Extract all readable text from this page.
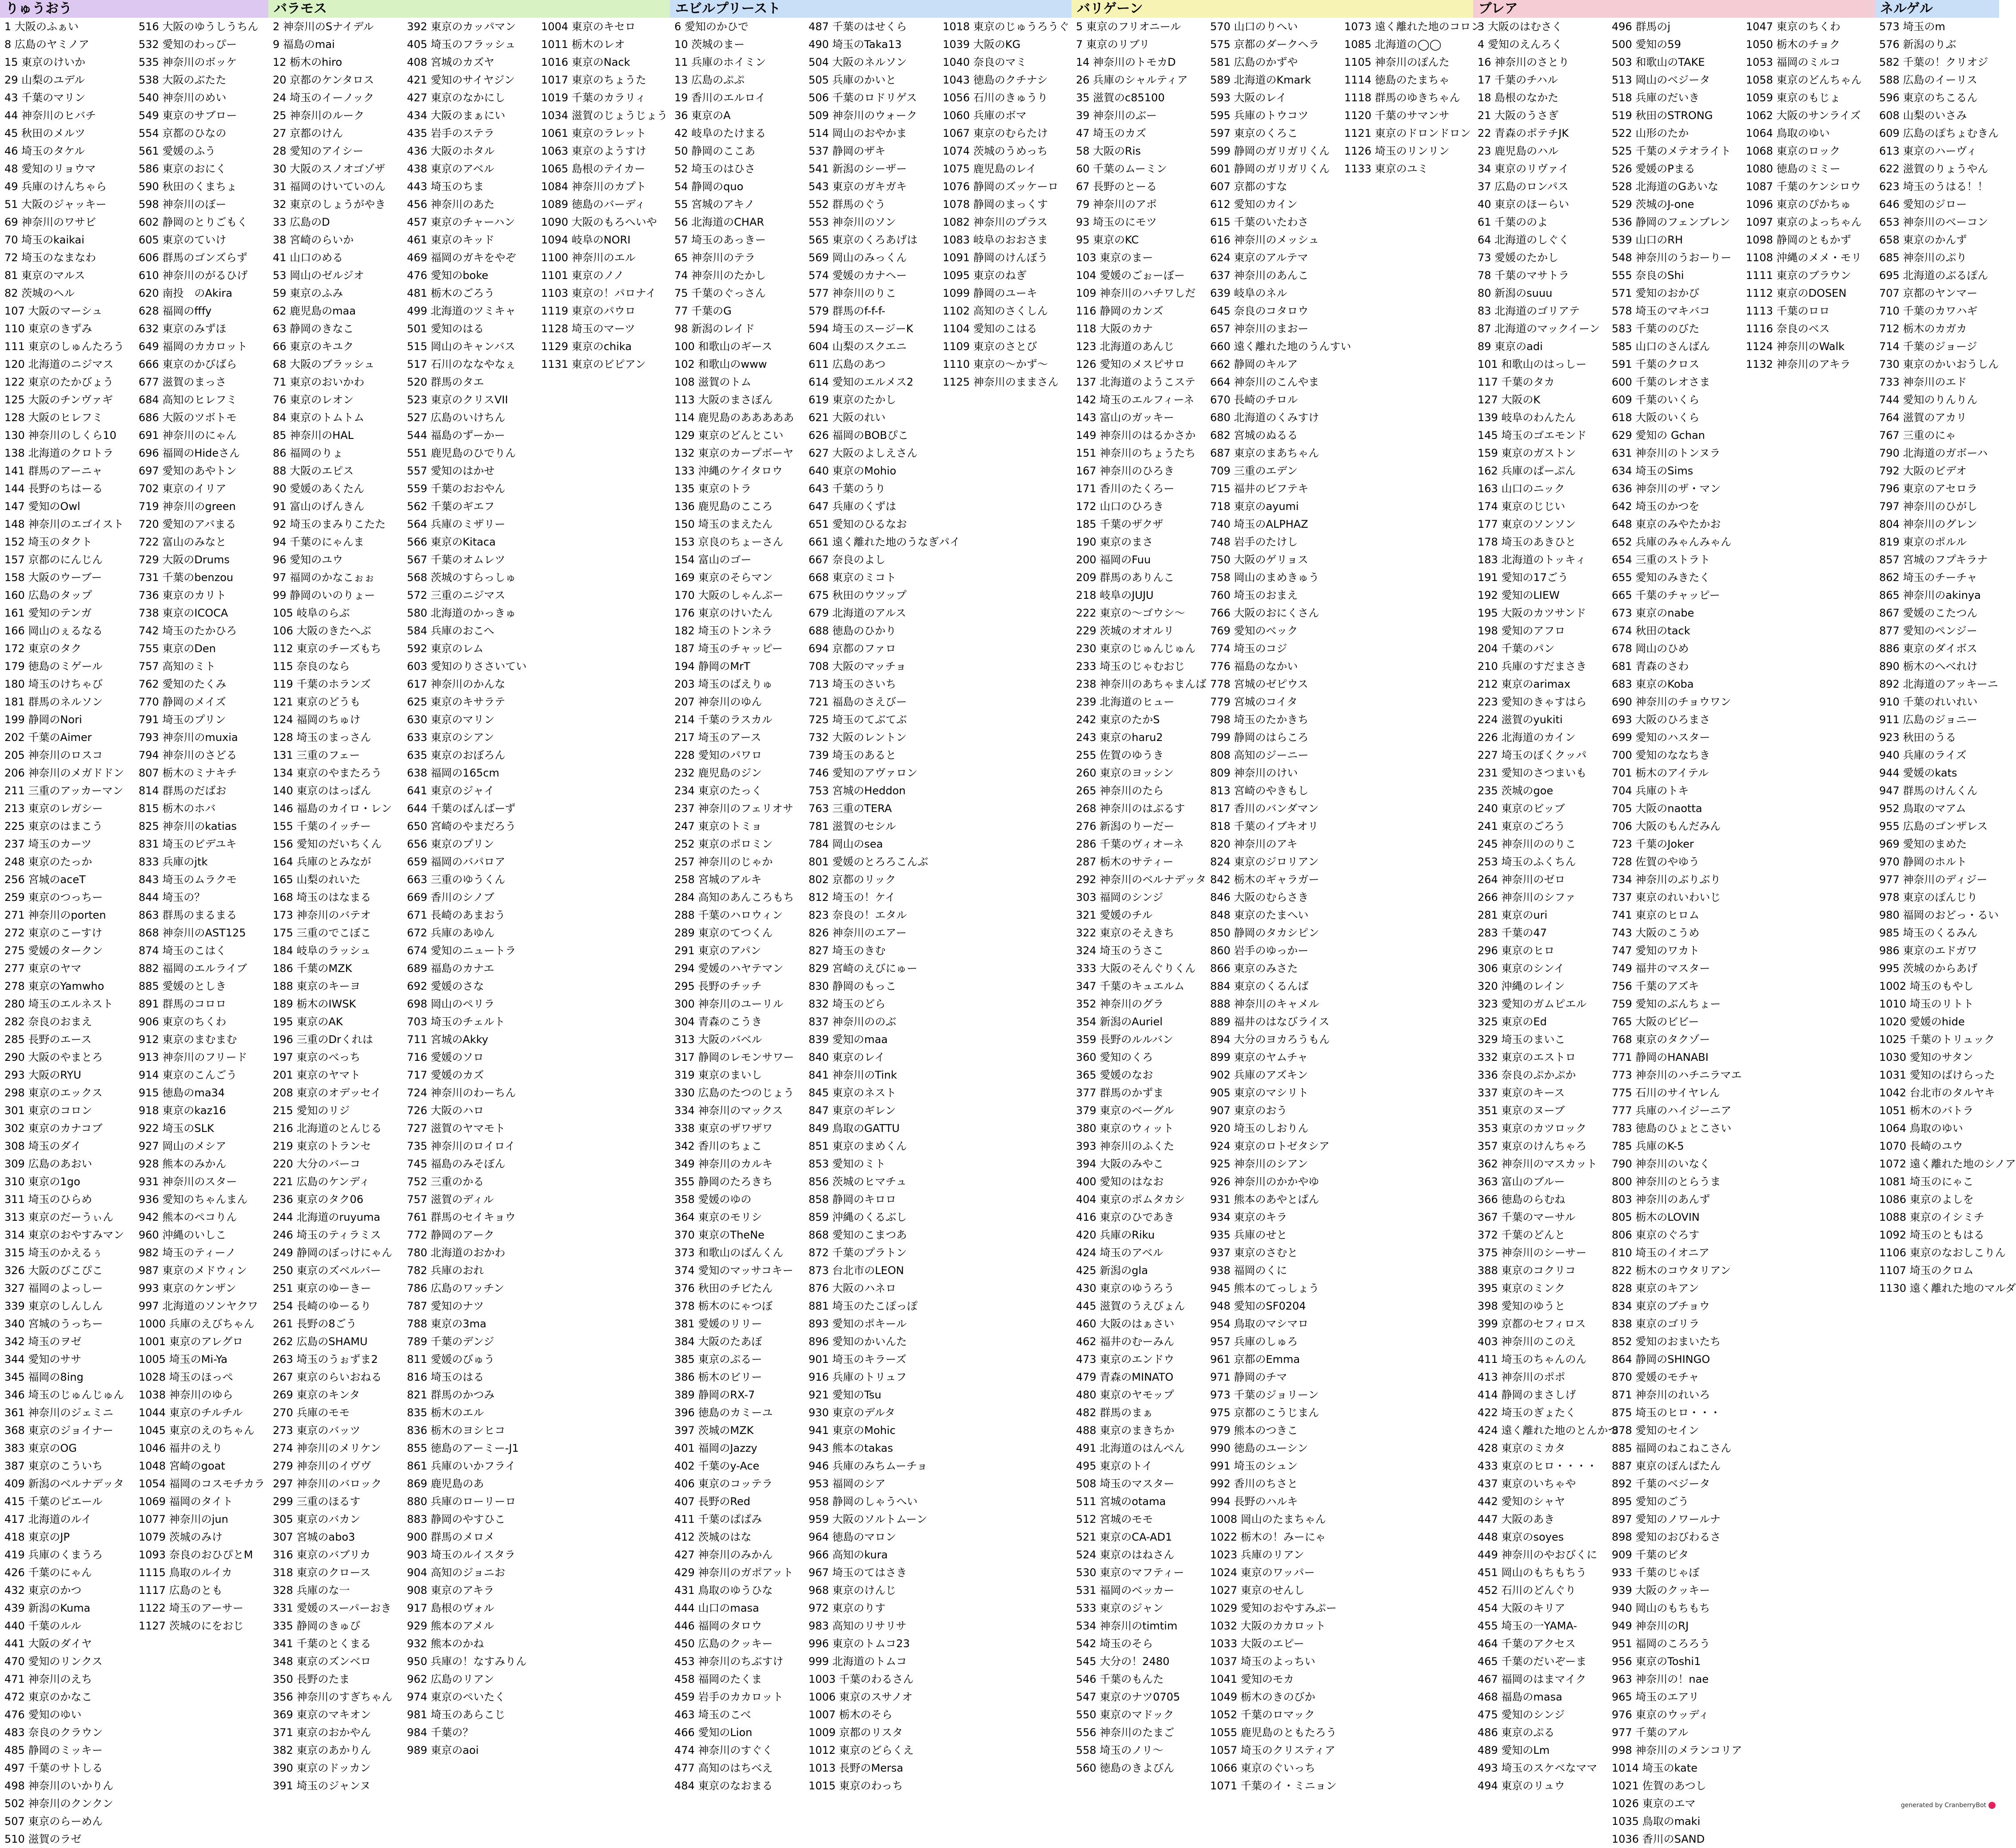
りゅうおう
1 大阪のふぁい
8 広島のヤミノア
15 東京のけいか
29 山梨のユデル
43 千葉のマリン
44 神奈川のヒバチ
45 秋田のメルツ
46 埼玉のタケル
48 愛知のリョウマ
49 兵庫のけんちゃら
51 大阪のジャッキー
69 神奈川のワサビ
70 埼玉のkaikai
72 埼玉のなまなわ
81 東京のマルス
82 茨城のヘル
107 大阪のマーシュ
110 東京のきずみ
111 東京のしゅんたろう
120 北海道のニジマス
122 東京のたかびょう
125 大阪のチンヴァギ
128 大阪のヒレフミ
130 神奈川のしくら10
138 北海道のクロトラ
141 群馬のアーニャ
144 長野のちはーる
147 愛知のOwl
148 神奈川のエゴイスト
152 埼玉のタクト
157 京都のにんじん
158 大阪のウーブー
160 広島のタップ
161 愛知のテンガ
166 岡山のぇるなる
172 東京のタク
179 徳島のミゲール
180 埼玉のけちゃび
181 群馬のネルソン
199 静岡のNori
202 千葉のAimer
205 神奈川のロスコ
206 神奈川のメガドドン
211 三重のアッカーマン
213 東京のレガシー
225 東京のはまこう
237 埼玉のカーツ
248 東京のたっか
256 宮城のaceT
259 東京のつっちー
271 神奈川のporten
272 東京のこーすけ
275 愛媛のタークン
277 東京のヤマ
278 東京のYamwho
280 埼玉のエルネスト
282 奈良のおまえ
285 長野のエース
290 大阪のやまとろ
293 大阪のRYU
298 東京のエックス
301 東京のコロン
302 東京のカナコブ
308 埼玉のダイ
309 広島のあおい
310 東京の1go
311 埼玉のひらめ
313 東京のだーうぃん
314 東京のおやすみマン
315 埼玉のかえるぅ
326 大阪のびこぴこ
327 福岡のよっしー
339 東京のしんしん
340 宮城のうっちー
342 埼玉のヲゼ
344 愛知のササ
345 福岡の8ing
346 埼玉のじゅんじゅん
361 神奈川のジェミニ
368 東京のジョイナー
383 東京のOG
387 東京のこういち
409 新潟のベルナデッタ
415 千葉のピエール
417 北海道のルイ
418 東京のJP
419 兵庫のくまうろ
426 千葉のにゃん
432 東京のかつ
439 新潟のKuma
440 千葉のルル
441 大阪のダイヤ
470 愛知のリンクス
471 神奈川のえち
472 東京のかなこ
476 愛知のゆい
483 奈良のクラウン
485 静岡のミッキー
497 千葉のサトしる
498 神奈川のいかりん
502 神奈川のクンクン
507 東京のらーめん
510 滋賀のラゼ
516 大阪のゆうしうちん
532 愛知のわっぴー
535 神奈川のボッケ
538 大阪のぶたた
540 神奈川のめい
549 東京のサブロー
554 京都のひなの
561 愛媛のふう
586 東京のおにく
590 秋田のくまちょ
598 神奈川のぼー
602 静岡のとりごもく
605 東京のていけ
606 群馬のゴンズらず
610 神奈川のがるひげ
620 南投　のAkira
628 福岡のfffy
632 東京のみずほ
649 福岡のカカロット
666 東京のかびばら
677 滋賀のまっさ
684 高知のヒレフミ
686 大阪のツボトモ
691 神奈川のにゃん
696 福岡のHideさん
697 愛知のあやトン
702 東京のイリア
719 神奈川のgreen
720 愛知のアバまる
722 富山のみなと
729 大阪のDrums
731 千葉のbenzou
736 東京のカリト
738 東京のICOCA
742 埼玉のたかひろ
755 東京のDen
757 高知のミト
762 愛知のたくみ
770 静岡のメイズ
791 埼玉のプリン
793 神奈川のmuxia
794 神奈川のさどる
807 栃木のミナキチ
814 群馬のだばお
815 栃木のホバ
825 神奈川のkatias
831 埼玉のビデユキ
833 兵庫のjtk
843 埼玉のムラクモ
844 埼玉の？
863 群馬のまるまる
868 神奈川のAST125
874 埼玉のこはく
882 福岡のエルライブ
885 愛媛のとしき
891 群馬のコロロ
906 東京のちくわ
912 東京のまむまむ
913 神奈川のフリード
914 東京のこんごう
915 徳島のma34
918 東京のkaz16
922 埼玉のSLK
927 岡山のメシア
928 熊本のみかん
931 神奈川のスター
936 愛知のちゃんまん
942 熊本のペコりん
960 沖縄のいしこ
982 埼玉のティーノ
987 東京のメドウィン
993 東京のケンザン
997 北海道のソンヤクワ
1000 兵庫のえびちゃん
1001 東京のアレグロ
1005 埼玉のMi-Ya
1028 埼玉のほっぺ
1038 神奈川のゆら
1044 東京のチルチル
1045 東京のえのちゃん
1046 福井のえり
1048 宮崎のgoat
1054 福岡のコスモチカラ
1069 福岡のタイト
1077 神奈川のjun
1079 茨城のみけ
1093 奈良のおひぴとM
1115 鳥取のルイカ
1117 広島のとも
1122 埼玉のアーサー
1127 茨城のにをおじ
バラモス
2 神奈川のSナイデル
9 福島のmai
12 栃木のhiro
20 京都のケンタロス
24 埼玉のイーノック
25 神奈川のルーク
27 京都のけん
28 愛知のアイシー
30 大阪のスノオゴゾザ
31 福岡のけいていのん
32 東京のしょうがやき
33 広島のD
38 宮崎のらいか
41 山口のめる
53 岡山のゼルジオ
59 東京のふみ
62 鹿児島のmaa
63 静岡のきなこ
66 東京のキユク
68 大阪のブラッシュ
71 東京のおいかわ
76 東京のレオン
84 東京のトムトム
85 神奈川のHAL
86 福岡のりょ
88 大阪のエピス
90 愛媛のあくたん
91 富山のげんきん
92 埼玉のまみりこたた
94 千葉のにゃんま
96 愛知のユウ
97 福岡のかなこぉぉ
99 静岡のいのりょー
105 岐阜のらぶ
106 大阪のきたへぶ
112 東京のチーズもち
115 奈良のなら
119 千葉のホランズ
121 東京のどうも
124 福岡のちゅけ
128 埼玉のまっさん
131 三重のフェー
134 東京のやまたろう
140 東京のはっぱん
146 福島のカイロ・レン
155 千葉のイッチー
156 愛知のだいちくん
164 兵庫のとみなが
165 山梨のれいた
168 埼玉のはなまる
173 神奈川のバテオ
175 三重のでこぼこ
184 岐阜のラッシュ
186 千葉のMZK
188 東京のキーヨ
189 栃木のIWSK
195 東京のAK
196 三重のDrくれは
197 東京のべっち
201 東京のヤマト
208 東京のオデッセイ
215 愛知のリジ
216 北海道のとんじる
219 東京のトランセ
220 大分のバーコ
221 広島のケンディ
236 東京のタク06
244 北海道のruyuma
246 埼玉のティラミス
249 静岡のぼっけにゃん
250 東京のズベルバー
251 東京のゆーきー
254 長崎のゆーるり
261 長野の8ごう
262 広島のSHAMU
263 埼玉のうぉずま2
267 東京のらいおねる
269 東京のキンタ
270 兵庫のモモ
273 東京のバッツ
274 神奈川のメリケン
279 神奈川のイヴヴ
297 神奈川のバロック
299 三重のほるす
305 東京のバカン
307 宮城のabo3
316 東京のバブリカ
318 東京のクロース
328 兵庫のな一
331 愛媛のスーパーおき
335 静岡のきゅび
341 千葉のとくまる
348 東京のズンベロ
350 長野のたま
356 神奈川のすぎちゃん
369 東京のマキオン
371 東京のおかやん
382 東京のあかりん
390 東京のドッカン
391 埼玉のジャンヌ
392 東京のカッパマン
405 埼玉のフラッシュ
408 宮城のカズヤ
421 愛知のサイヤジン
427 東京のなかにし
434 大阪のまぁにい
435 岩手のステラ
436 大阪のホタル
438 東京のアベル
443 埼玉のちま
456 神奈川のあた
457 東京のチャーハン
461 東京のキッド
469 福岡のガキをやぞ
476 愛知のboke
481 栃木のごろう
499 北海道のツミキャ
501 愛知のはる
515 岡山のキャンバス
517 石川のななやなぇ
520 群馬のタエ
523 東京のクリスVII
527 広島のいけちん
544 福島のずーかー
551 鹿児島のひでりん
557 愛知のはかせ
559 千葉のおおやん
562 千葉のギエフ
564 兵庫のミザリー
566 東京のKitaca
567 千葉のオムレツ
568 茨城のすらっしゅ
572 三重のニジマス
580 北海道のかっきゅ
584 兵庫のおこへ
592 東京のレム
603 愛知のりささいてい
617 神奈川のかんな
625 東京のキサラテ
630 東京のマリン
633 東京のシアン
635 東京のおぼろん
638 福岡の165cm
641 東京のジャイ
644 千葉のばんばーず
650 宮崎のやまだろう
656 東京のプリン
659 福岡のバパロア
663 三重のゆうくん
669 香川のシノブ
671 長崎のあまおう
672 兵庫のあゆん
674 愛知のニュートラ
689 福島のカナエ
692 愛媛のさな
698 岡山のペリラ
703 埼玉のチェルト
711 宮城のAkky
716 愛媛のソロ
717 愛媛のカズ
724 神奈川のわーちん
726 大阪のハロ
727 滋賀のヤマモト
735 神奈川のロイロイ
745 福島のみそぼん
752 三重のかる
757 滋賀のディル
761 群馬のセイキョウ
772 静岡のアーク
780 北海道のおかわ
782 兵庫のおれ
786 広島のワッチン
787 愛知のナツ
788 東京の3ma
789 千葉のデンジ
811 愛媛のびゅう
816 埼玉のはる
821 群馬のかつみ
835 栃木のエル
836 栃木のヨシヒコ
855 徳島のアーミー-J1
861 兵庫のいかフライ
869 鹿児島のあ
880 兵庫のローリーロ
883 静岡のやすひこ
900 群馬のメロメ
903 埼玉のルイスタラ
904 高知のジョニお
908 東京のアキラ
917 島根のヴォル
929 熊本のアメル
932 熊本のかね
950 兵庫の！なすみりん
962 広島のリアン
974 東京のペいたく
981 埼玉のあらこじ
984 千葉の？
989 東京のaoi
1004 東京のキセロ
1011 栃木のレオ
1016 東京のNack
1017 東京のちょうた
1019 千葉のカラリィ
1034 滋賀のじょうじょう
1061 東京のラレット
1063 東京のようすけ
1065 島根のテイカー
1084 神奈川のカプト
1089 徳島のバーディ
1090 大阪のもろへいや
1094 岐阜のNORI
1100 神奈川のエル
1101 東京のノノ
1103 東京の！パロナイ
1119 東京のパウロ
1128 埼玉のマーツ
1129 東京のchika
1131 東京のビピアン
エビルプリースト
6 愛知のかひで
10 茨城のまー
11 兵庫のホイミン
13 広島のぷぷ
19 香川のエルロイ
36 東京のA
42 岐阜のたけまる
50 静岡のここあ
52 埼玉のはひさ
54 静岡のquo
55 宮城のアキノ
56 北海道のCHAR
57 埼玉のあっきー
65 神奈川のテラ
74 神奈川のたかし
75 千葉のぐっさん
77 千葉のG
98 新潟のレイド
100 和歌山のギース
102 和歌山のwww
108 滋賀のトム
113 大阪のまさぼん
114 鹿児島のあああああ
129 東京のどんとこい
132 東京のカープボーヤ
133 沖縄のケイタロウ
135 東京のトラ
136 鹿児島のこころ
150 埼玉のまえたん
153 京良のちょーさん
154 富山のゴー
169 東京のそらマン
170 大阪のしゃんぷー
176 東京のけいたん
182 埼玉のトンネラ
187 埼玉のチャッピー
194 静岡のMrT
203 埼玉のばえりゅ
207 神奈川のゆん
214 千葉のラスカル
217 埼玉のアース
228 愛知のパワロ
232 鹿児島のジン
234 東京のたっく
237 神奈川のフェリオサ
247 東京のトミョ
252 東京のポロミン
257 神奈川のじゃか
258 宮城のアルキ
284 高知のあんころもち
288 千葉のハロウィン
289 東京のてつくん
291 東京のアパン
294 愛媛のハヤテマン
295 長野のチッチ
300 神奈川のユーリル
304 青森のこうき
313 大阪のバベル
317 静岡のレモンサワー
319 東京のまいし
330 広島のたつのじょう
334 神奈川のマックス
338 東京のザワザワ
342 香川のちょこ
349 神奈川のカルキ
355 静岡のたろきち
358 愛媛のゆの
364 東京のモリシ
370 東京のTheNe
373 和歌山のばんくん
374 愛知のマッサコキー
376 秋田のチビたん
378 栃木のにゃつぼ
381 愛媛のリリー
384 大阪のたあぼ
385 東京のぷるー
386 栃木のビリー
389 静岡のRX-7
396 徳島のカミーユ
397 茨城のMZK
401 福岡のJazzy
402 千葉のy-Ace
406 東京のコッテラ
407 長野のRed
411 千葉のぱぱみ
412 茨城のはな
427 神奈川のみかん
429 神奈川のガポアット
431 鳥取のゆうひな
444 山口のmasa
446 福岡のタロウ
450 広島のクッキー
453 神奈川のちぶすけ
458 福岡のたくま
459 岩手のカカロット
463 埼玉のこべ
466 愛知のLion
474 神奈川のすぐく
477 高知のはちべえ
484 東京のなおまる
487 千葉のはせくら
490 埼玉のTaka13
504 大阪のネルソン
505 兵庫のかいと
506 千葉のロドリゲス
509 神奈川のウォーク
514 岡山のおやかま
537 静岡のザキ
541 新潟のシーザー
543 東京のガキガキ
552 群馬のぐう
553 神奈川のソン
565 東京のくろあげは
569 岡山のみっくん
574 愛媛のカナヘー
577 神奈川のりこ
579 群馬のf-f-f-
594 埼玉のスージーK
604 山梨のスクエニ
611 広島のあつ
614 愛知のエルメス2
619 東京のたかし
621 大阪のれい
626 福岡のBOBぴこ
627 大阪のよしえさん
640 東京のMohio
643 千葉のうり
647 兵庫のくずは
651 愛知のひるなお
661 遠く離れた地のうなぎパイ
667 奈良のよし
668 東京のミコト
675 秋田のウツップ
679 北海道のアルス
688 徳島のひかり
694 京都のファロ
708 大阪のマッチョ
713 埼玉のさいち
721 福島のさえびー
725 埼玉のてぶてぶ
732 大阪のレントン
739 埼玉のあると
746 愛知のアヴァロン
753 宮城のHeddon
763 三重のTERA
781 滋賀のセシル
784 岡山のsea
801 愛媛のとろろこんぶ
802 京都のリック
812 埼玉の！ケイ
823 奈良の！エタル
826 神奈川のエアー
827 埼玉のきむ
829 宮崎のえびにゅー
830 静岡のもっこ
832 埼玉のどら
837 神奈川ののぶ
839 愛知のmaa
840 東京のレイ
841 神奈川のTink
845 東京のネスト
847 東京のギレン
849 鳥取のGATTU
851 東京のまめくん
853 愛知のミト
856 茨城のヒマチュ
858 静岡のキロロ
859 沖縄のくるぶし
868 愛知のこまつあ
872 千葉のプラトン
873 台北市のLEON
876 大阪のハネロ
881 埼玉のたこぽっぽ
893 愛知のポキール
896 愛知のかいんた
901 埼玉のキラーズ
916 兵庫のトリュフ
921 愛知のTsu
930 東京のデルタ
941 東京のMohic
943 熊本のtakas
946 兵庫のみちムーチョ
953 福岡のシア
958 静岡のしゃうへい
959 大阪のソルトムーン
964 徳島のマロン
966 高知のkura
967 埼玉のてはさき
968 東京のけんじ
972 東京のりす
983 高知のリサリサ
996 東京のトムコ23
999 北海道のトムコ
1003 千葉のわるさん
1006 東京のスサノオ
1007 栃木のそら
1009 京都のリスタ
1012 東京のどらくえ
1013 長野のMersa
1015 東京のわっち
1018 東京のじゅうろうぐ
1039 大阪のKG
1040 奈良のマミ
1043 徳島のクチナシ
1056 石川のきゅうり
1060 兵庫のボマ
1067 東京のむらたけ
1074 茨城のうめっち
1075 鹿児島のレイ
1076 静岡のズッケーロ
1078 静岡のまっくす
1082 神奈川のプラス
1083 岐阜のおおさま
1091 静岡のけんぼう
1095 東京のねぎ
1099 静岡のユーキ
1102 高知のさくしん
1104 愛知のこはる
1109 東京のさとび
1110 東京の～かず～
1125 神奈川のままさん
バリゲーン
5 東京のフリオニール
7 東京のリブリ
14 神奈川のトモカD
26 兵庫のシャルティア
35 滋賀のc85100
39 神奈川のぶー
47 埼玉のカズ
58 大阪のRis
60 千葉のムーミン
67 長野のとーる
79 神奈川のアポ
93 埼玉のにモツ
95 東京のKC
103 東京のまー
104 愛媛のごぉーぼー
109 神奈川のハチワしだ
116 静岡のカンズ
118 大阪のカナ
123 北海道のあんじ
126 愛知のメスピサロ
137 北海道のようこステ
142 埼玉のエルフィーネ
143 富山のガッキー
149 神奈川のはるかさか
151 神奈川のちょうたち
167 神奈川のひろき
171 香川のたくろー
172 山口のひろき
185 千葉のザクザ
190 東京のまさ
200 福岡のFuu
209 群馬のありんこ
218 岐阜のJUJU
222 東京の～ゴウシ～
229 茨城のオオルリ
230 東京のじゅんじゅん
233 埼玉のじゃむおじ
238 神奈川のあちゃまんば
239 北海道のヒュー
242 東京のたかS
243 東京のharu2
255 佐賀のゆうき
260 東京のヨッシン
265 神奈川のたら
268 神奈川のはぶるす
276 新潟のりーだー
286 千葉のヴィオーネ
287 栃木のサティー
292 神奈川のベルナデッタ
303 福岡のシンジ
321 愛媛のチル
322 東京のそえきち
324 埼玉のうさこ
333 大阪のそんぐりくん
347 千葉のキュエルム
352 神奈川のグラ
354 新潟のAuriel
359 長野のルルバン
360 愛知のくろ
365 愛媛のなお
377 群馬のかずま
379 東京のベーグル
380 東京のウィット
393 神奈川のふくた
394 大阪のみやこ
400 愛知のはなお
404 東京のポムタカシ
416 東京のひであき
420 兵庫のRiku
424 埼玉のアベル
425 新潟のgla
430 東京のゆうろう
445 滋賀のうえびょん
460 大阪のはぁさい
462 福井のむーみん
473 東京のエンドウ
479 青森のMINATO
480 東京のヤモップ
482 群馬のまぁ
488 東京のまきちか
491 北海道のはんぺん
495 東京のトイ
508 埼玉のマスター
511 宮城のotama
512 宮城のモモ
521 東京のCA-AD1
524 東京のはねさん
530 東京のマフティー
531 福岡のベッカー
533 東京のジャン
534 神奈川のtimtim
542 埼玉のそら
545 大分の！2480
546 千葉のもんた
547 東京のナツ0705
550 東京のマドック
556 神奈川のたまご
558 埼玉のノリ～
560 徳島のきよびん
570 山口のりへい
575 京都のダークヘラ
581 広島のかずや
589 北海道のKmark
593 大阪のレイ
595 兵庫のトウコツ
597 東京のくろこ
599 静岡のガリガリくん
601 静岡のガリガリくん
607 京都のすな
612 愛知のカイン
615 千葉のいたわさ
616 神奈川のメッシュ
624 東京のアルテマ
637 神奈川のあんこ
639 岐阜のネル
645 奈良のコタロウ
657 神奈川のまおー
660 遠く離れた地のうんすい
662 静岡のキルア
664 神奈川のこんやま
670 長崎のチロル
680 北海道のくみすけ
682 宮城のぬるる
687 東京のまあちゃん
709 三重のエデン
715 福井のビフテキ
718 東京のayumi
740 埼玉のALPHAZ
748 岩手のたけし
750 大阪のゲリョス
758 岡山のまめきゅう
760 埼玉のおまえ
766 大阪のおにくさん
769 愛知のベック
774 埼玉のコジ
776 福島のなかい
778 宮城のゼピウス
779 宮城のコイタ
798 埼玉のたかきち
799 静岡のはらころ
808 高知のジーニー
809 神奈川のけい
813 宮崎のやきもし
817 香川のバンダマン
818 千葉のイブキオリ
820 神奈川のアキ
824 東京のジロリアン
842 栃木のギャラガー
846 大阪のむらさき
848 東京のたまへい
850 静岡のタカシピン
860 岩手のゆっかー
866 東京のみさた
884 東京のくるんば
888 神奈川のキャメル
889 福井のはなびライス
894 大分のヨカろうもん
899 東京のヤムチャ
902 兵庫のアズキン
905 東京のマシリト
907 東京のおう
920 埼玉のしおりん
924 東京のロトゼタシア
925 神奈川のシアン
926 神奈川のかかやゆ
931 熊本のあやとぱん
934 東京のキラ
935 兵庫のせと
937 東京のさむと
938 福岡のくに
945 熊本のてっしょう
948 愛知のSF0204
954 鳥取のマシマロ
957 兵庫のしゅろ
961 京都のEmma
971 静岡のチマ
973 千葉のジョリーン
975 京都のこうじまん
979 熊本のつきこ
990 徳島のユーシン
991 埼玉のシュン
992 香川のちさと
994 長野のハルキ
1008 岡山のたまちゃん
1022 栃木の！みーにゃ
1023 兵庫のリアン
1024 東京のワッパー
1027 東京のせんし
1029 愛知のおやすみぷー
1032 大阪のカカロット
1033 大阪のエピー
1037 埼玉のよっちい
1041 愛知のモカ
1049 栃木のきのびか
1052 千葉のロマック
1055 鹿児島のともたろう
1057 埼玉のクリスティア
1066 東京のぐいっち
1071 千葉のイ・ミニョン
1073 遠く離れた地のコロン
1085 北海道の◯◯
1105 神奈川のぽんた
1114 徳島のたまちゃ
1118 群馬のゆきちゃん
1120 千葉のサマンサ
1121 東京のドロンドロン
1126 埼玉のリンリン
1133 東京のユミ
ブレア
3 大阪のはむさく
4 愛知のえんろく
16 神奈川のさとり
17 千葉のチハル
18 島根のなかた
21 大阪のうさぎ
22 青森のポテチJK
23 鹿児島のハル
34 東京のリヴァイ
37 広島のロンパス
40 東京のほーらい
61 千葉ののよ
64 北海道のしぐく
73 愛媛のたかし
78 千葉のマサトラ
80 新潟のsuuu
83 北海道のゴリアテ
87 北海道のマックイーン
89 東京のadi
101 和歌山のはっしー
117 千葉のタカ
127 大阪のK
139 岐阜のわんたん
145 埼玉のゴエモンド
159 東京のガストン
162 兵庫のぱーぷん
163 山口のニック
174 東京のじじい
177 東京のソンソン
178 埼玉のあきひと
183 北海道のトッキィ
191 愛知の17ごう
192 愛知のLIEW
195 大阪のカツサンド
198 愛知のアフロ
204 千葉のパン
210 兵庫のすだまさき
212 東京のarimax
223 愛知のきゃすはら
224 滋賀のyukiti
226 北海道のカイン
227 埼玉のぼくクッパ
231 愛知のさつまいも
235 茨城のgoe
240 東京のビッブ
241 東京のごろう
245 神奈川ののりこ
253 埼玉のふくちん
264 神奈川のゼロ
266 神奈川のシファ
281 東京のuri
283 千葉の47
296 東京のヒロ
306 東京のシンイ
320 沖縄のレイン
323 愛知のガムピエル
325 東京のEd
329 埼玉のまいこ
332 東京のエストロ
336 奈良のぷかぷか
337 東京のキース
351 東京のヌーブ
353 東京のカツロック
357 東京のけんちゃろ
362 神奈川のマスカット
363 富山のブルー
366 徳島のらむね
367 千葉のマーサル
372 千葉のどんと
375 神奈川のシーサー
388 東京のコクリコ
395 東京のミンク
398 愛知のゆうと
399 京都のセフィロス
403 神奈川のこのえ
411 埼玉のちゃんのん
413 神奈川のポポ
414 静岡のまさしげ
422 埼玉のぎょたく
424 遠く離れた地のとんかつ
428 東京のミカタ
433 東京のヒロ・・・・
437 東京のいちゃや
442 愛知のシャヤ
447 大阪のあき
448 東京のsoyes
449 神奈川のやおびくに
451 岡山のもちもちう
452 石川のどんぐり
454 大阪のキリア
455 埼玉の一YAMA-
464 千葉のアクセス
465 千葉のだいぞーま
467 福岡のはまマイク
468 福島のmasa
475 愛知のシンジ
486 東京のぷる
489 愛知のLm
493 埼玉のスケベなママ
494 東京のリュウ
496 群馬のj
500 愛知の59
503 和歌山のTAKE
513 岡山のベジータ
518 兵庫のだいき
519 秋田のSTRONG
522 山形のたか
525 千葉のメテオライト
526 愛媛のPまる
528 北海道のGあいな
529 茨城のJ-one
536 静岡のフェンブレン
539 山口のRH
548 神奈川のうおーりー
555 奈良のShi
571 愛知のおかび
578 埼玉のマキバコ
583 千葉ののびた
585 山口のさんばん
591 千葉のクロス
600 千葉のレオさま
609 千葉のいくら
618 大阪のいくら
629 愛知の Gchan
631 神奈川のトンヌラ
634 埼玉のSims
636 神奈川のザ・マン
642 埼玉のかつを
648 東京のみやたかお
652 兵庫のみゃんみゃん
654 三重のストラト
655 愛知のみきたく
665 千葉のチャッピー
673 東京のnabe
674 秋田のtack
678 岡山のひめ
681 青森のさわ
683 東京のKoba
690 神奈川のチョウワン
693 大阪のひろまさ
699 愛知のハスター
700 愛知のななちき
701 栃木のアイテル
704 兵庫のトキ
705 大阪のnaotta
706 大阪のもんだみん
723 千葉のJoker
728 佐賀のやゆう
734 神奈川のぶりぶり
737 東京のれいわいじ
741 東京のヒロム
743 大阪のこうめ
747 愛知のワカト
749 福井のマスター
756 千葉のアズキ
759 愛知のぶんちょー
765 大阪のビビー
768 東京のタクゾー
771 静岡のHANABI
773 神奈川のハチニラマエ
775 石川のサイヤレん
777 兵庫のハイジーニア
783 徳島のひょとこさい
785 兵庫のK-5
790 神奈川のいなく
800 神奈川のとらうま
803 神奈川のあんず
805 栃木のLOVIN
806 東京のぐろす
810 埼玉のイオニア
822 栃木のコウタリアン
828 東京のキアン
834 東京のブチョウ
838 東京のゴリラ
852 愛知のおまいたち
864 静岡のSHINGO
870 愛媛のモチャ
871 神奈川のれいろ
875 埼玉のヒロ・・・
878 愛知のセイン
885 福岡のねこねこさん
887 東京のぽんぱたん
892 千葉のベジータ
895 愛知のごう
897 愛知のノワールナ
898 愛知のおびわるさ
909 千葉のビタ
933 千葉のじゃぼ
939 大阪のクッキー
940 岡山のもちもち
949 神奈川のRJ
951 福岡のころろう
956 東京のToshi1
963 神奈川の！nae
965 埼玉のエアリ
976 東京のウッディ
977 千葉のアル
998 神奈川のメランコリア
1014 埼玉のkate
1021 佐賀のあつし
1026 東京のエマ
1035 鳥取のmaki
1036 香川のSAND
1047 東京のちくわ
1050 栃木のチョク
1053 福岡のミルコ
1058 東京のどんちゃん
1059 東京のもじょ
1062 大阪のサンライズ
1064 鳥取のゆい
1068 東京のロック
1080 徳島のミミー
1087 千葉のケンシロウ
1096 東京のぴかちゅ
1097 東京のよっちゃん
1098 静岡のともかず
1108 沖縄のメメ・モリ
1111 東京のブラウン
1112 東京のDOSEN
1113 千葉のロロ
1116 奈良のベス
1124 神奈川のWalk
1132 神奈川のアキラ
ネルゲル
573 埼玉のm
576 新潟のりぶ
582 千葉の！クリオジ
588 広島のイーリス
596 東京のちこるん
608 山梨のいさみ
609 広島のぽちょむきん
613 東京のハーヴィ
622 滋賀のりょうやん
623 埼玉のうはる！！
646 愛知のジロー
653 神奈川のベーコン
658 東京のかんず
685 神奈川のぷり
695 北海道のぶるぽん
707 京都のヤンマー
710 千葉のカワハギ
712 栃木のカガカ
714 千葉のジョージ
730 東京のかいおうしん
733 神奈川のエド
744 愛知のりんりん
764 滋賀のアカリ
767 三重のにゃ
790 北海道のガボーハ
792 大阪のビデオ
796 東京のアセロラ
797 神奈川のひがし
804 神奈川のグレン
819 東京のポルル
857 宮城のフプキラナ
862 埼玉のチーチャ
865 神奈川のakinya
867 愛媛のこたつん
877 愛知のペンジー
886 東京のダイボス
890 栃木のへべれけ
892 北海道のアッキーニ
910 千葉のれいれい
911 広島のジョニー
923 秋田のうる
940 兵庫のライズ
944 愛媛のkats
947 群馬のけんくん
952 鳥取のマアム
955 広島のゴンザレス
969 愛知のまめた
970 静岡のホルト
977 神奈川のディジー
978 東京のぽんじり
980 福岡のおどっ・るい
985 埼玉のくるみん
986 東京のエドガワ
995 茨城のからあげ
1002 埼玉のもやし
1010 埼玉のリトト
1020 愛媛のhide
1025 千葉のトリュック
1030 愛知のサタン
1031 愛知のばけらった
1042 台北市のタルヤキ
1051 栃木のバトラ
1064 鳥取のゆい
1070 長崎のユウ
1072 遠く離れた地のシノア
1081 埼玉のにゃこ
1086 東京のよしを
1088 東京のイシミチ
1092 埼玉のともはる
1106 東京のなおしこりん
1107 埼玉のクロム
1130 遠く離れた地のマルダ
generated by CranberryBot
